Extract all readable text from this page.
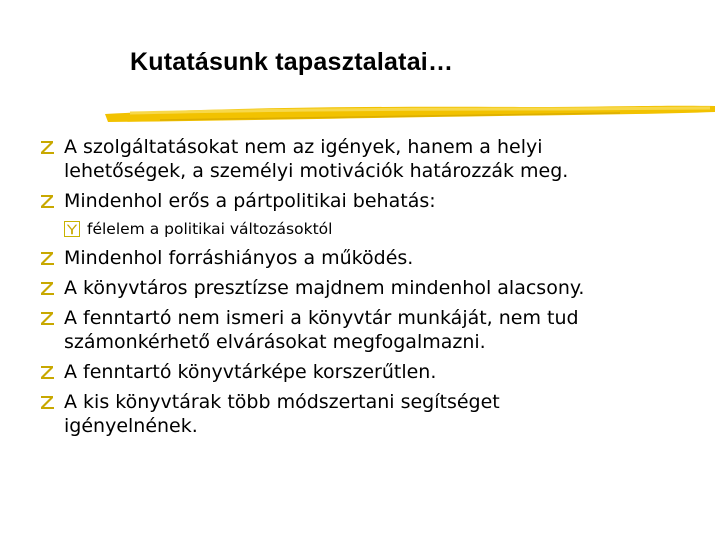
Kutatásunk tapasztalatai…
A szolgáltatásokat nem az igények, hanem a helyi
lehetőségek, a személyi motivációk határozzák meg.
Mindenhol erős a pártpolitikai behatás:
félelem a politikai változásoktól
Mindenhol forráshiányos a működés.
A könyvtáros presztízse majdnem mindenhol alacsony.
A fenntartó nem ismeri a könyvtár munkáját, nem tud
számonkérhető elvárásokat megfogalmazni.
A fenntartó könyvtárképe korszerűtlen.
A kis könyvtárak több módszertani segítséget
igényelnének.
